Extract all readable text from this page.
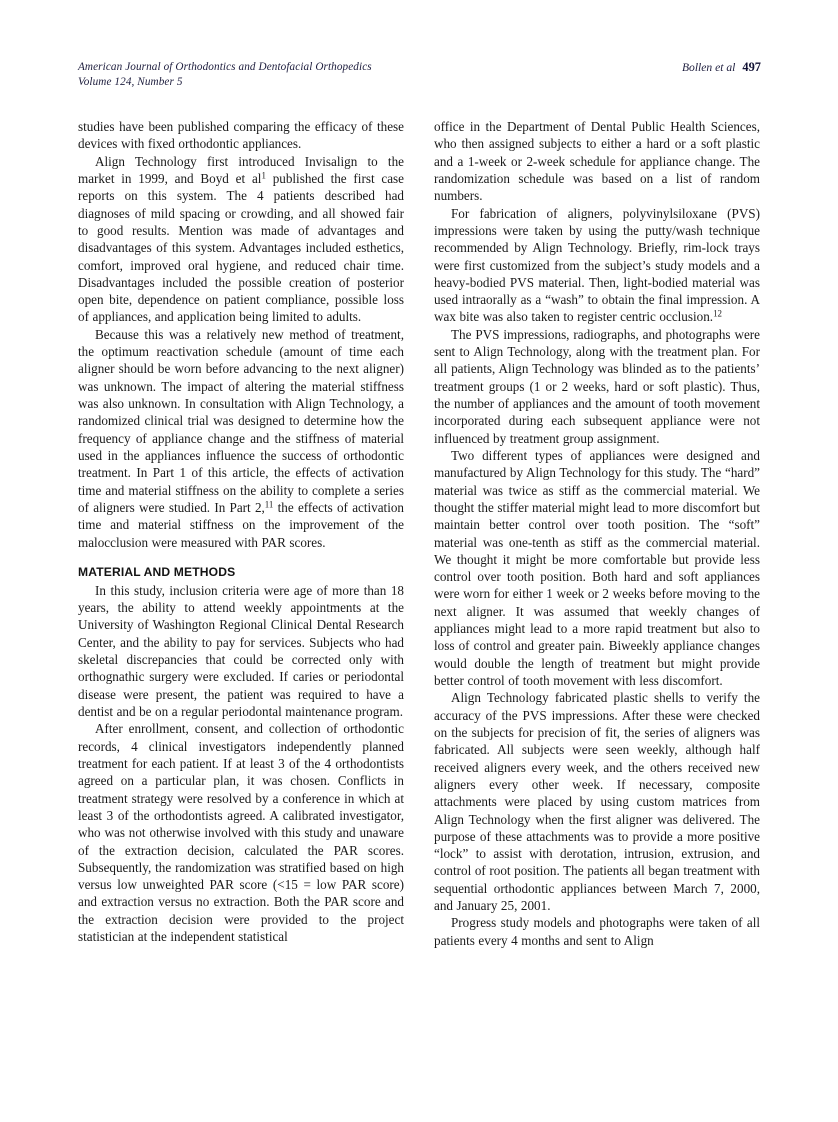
American Journal of Orthodontics and Dentofacial Orthopedics
Volume 124, Number 5
Bollen et al 497

studies have been published comparing the efficacy of these devices with fixed orthodontic appliances.

Align Technology first introduced Invisalign to the market in 1999, and Boyd et $al^1$ published the first case reports on this system. The 4 patients described had diagnoses of mild spacing or crowding, and all showed fair to good results. Mention was made of advantages and disadvantages of this system. Advantages included esthetics, comfort, improved oral hygiene, and reduced chair time. Disadvantages included the possible creation of posterior open bite, dependence on patient compliance, possible loss of appliances, and application being limited to adults.

Because this was a relatively new method of treatment, the optimum reactivation schedule (amount of time each aligner should be worn before advancing to the next aligner) was unknown. The impact of altering the material stiffness was also unknown. In consultation with Align Technology, a randomized clinical trial was designed to determine how the frequency of appliance change and the stiffness of material used in the appliances influence the success of orthodontic treatment. In Part 1 of this article, the effects of activation time and material stiffness on the ability to complete a series of aligners were studied. In Part 2,11 the effects of activation time and material stiffness on the improvement of the malocclusion were measured with PAR scores.

MATERIAL AND METHODS

In this study, inclusion criteria were age of more than 18 years, the ability to attend weekly appointments at the University of Washington Regional Clinical Dental Research Center, and the ability to pay for services. Subjects who had skeletal discrepancies that could be corrected only with orthognathic surgery were excluded. If caries or periodontal disease were present, the patient was required to have a dentist and be on a regular periodontal maintenance program.

After enrollment, consent, and collection of orthodontic records, 4 clinical investigators independently planned treatment for each patient. If at least 3 of the 4 orthodontists agreed on a particular plan, it was chosen. Conflicts in treatment strategy were resolved by a conference in which at least 3 of the orthodontists agreed. A calibrated investigator, who was not otherwise involved with this study and unaware of the extraction decision, calculated the PAR scores. Subsequently, the randomization was stratified based on high versus low unweighted PAR score (<15 = low PAR score) and extraction versus no extraction. Both the PAR score and the extraction decision were provided to the project statistician at the independent statistical

office in the Department of Dental Public Health Sciences, who then assigned subjects to either a hard or a soft plastic and a 1-week or 2-week schedule for appliance change. The randomization schedule was based on a list of random numbers.

For fabrication of aligners, polyvinylsiloxane (PVS) impressions were taken by using the putty/wash technique recommended by Align Technology. Briefly, rim-lock trays were first customized from the subject’s study models and a heavy-bodied PVS material. Then, light-bodied material was used intraorally as a “wash” to obtain the final impression. A wax bite was also taken to register centric occlusion.$^{12}$

The PVS impressions, radiographs, and photographs were sent to Align Technology, along with the treatment plan. For all patients, Align Technology was blinded as to the patients’ treatment groups (1 or 2 weeks, hard or soft plastic). Thus, the number of appliances and the amount of tooth movement incorporated during each subsequent appliance were not influenced by treatment group assignment.

Two different types of appliances were designed and manufactured by Align Technology for this study. The “hard” material was twice as stiff as the commercial material. We thought the stiffer material might lead to more discomfort but maintain better control over tooth position. The “soft” material was one-tenth as stiff as the commercial material. We thought it might be more comfortable but provide less control over tooth position. Both hard and soft appliances were worn for either 1 week or 2 weeks before moving to the next aligner. It was assumed that weekly changes of appliances might lead to a more rapid treatment but also to loss of control and greater pain. Biweekly appliance changes would double the length of treatment but might provide better control of tooth movement with less discomfort.

Align Technology fabricated plastic shells to verify the accuracy of the PVS impressions. After these were checked on the subjects for precision of fit, the series of aligners was fabricated. All subjects were seen weekly, although half received aligners every week, and the others received new aligners every other week. If necessary, composite attachments were placed by using custom matrices from Align Technology when the first aligner was delivered. The purpose of these attachments was to provide a more positive “lock” to assist with derotation, intrusion, extrusion, and control of root position. The patients all began treatment with sequential orthodontic appliances between March 7, 2000, and January 25, 2001.

Progress study models and photographs were taken of all patients every 4 months and sent to Align
